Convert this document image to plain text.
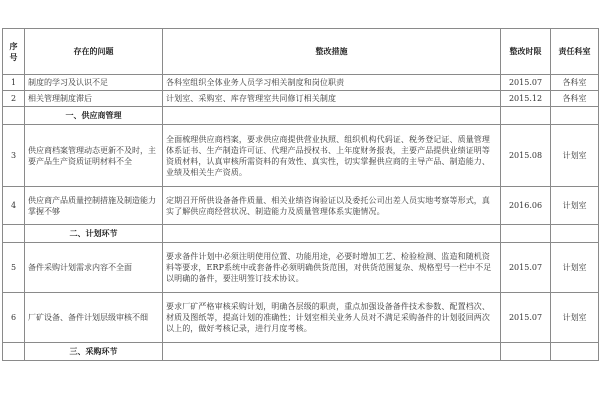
序号	存在的问题	整改措施	整改时限	责任科室
1	制度的学习及认识不足	各科室组织全体业务人员学习相关制度和岗位职责	2015.07	各科室
2	相关管理制度滞后	计划室、采购室、库存管理室共同修订相关制度	2015.12	各科室
	一、供应商管理			
3	供应商档案管理动态更新不及时，主要产品生产资质证明材料不全	全面梳理供应商档案，要求供应商提供营业执照、组织机构代码证、税务登记证、质量管理体系证书、生产制造许可证、代理产品授权书、上年度财务报表，主要产品提供业绩证明等资质材料，认真审核所需资料的有效性、真实性，切实掌握供应商的主导产品、制造能力、业绩及相关生产资质。	2015.08	计划室
4	供应商产品质量控制措施及制造能力掌握不够	定期召开所供设备备件质量、相关业绩咨询验证以及委托公司出差人员实地考察等形式，真实了解供应商经营状况、制造能力及质量管理体系实施情况。	2016.06	计划室
	二、计划环节			
5	备件采购计划需求内容不全面	要求备件计划中必须注明使用位置、功能用途，必要时增加工艺、检验检测、监造和随机资料等要求，ERP系统中或套备件必须明确供货范围，对供货范围复杂、规格型号一栏中不足以明确的备件，要注明签订技术协议。	2015.07	计划室
6	厂矿设备、备件计划层级审核不细	要求厂矿严格审核采购计划，明确各层级的职责，重点加强设备备件技术参数、配置档次、材质及图纸等，提高计划的准确性；计划室相关业务人员对不满足采购备件的计划驳回两次以上的，做好考核记录，进行月度考核。	2015.07	计划室
	三、采购环节			
